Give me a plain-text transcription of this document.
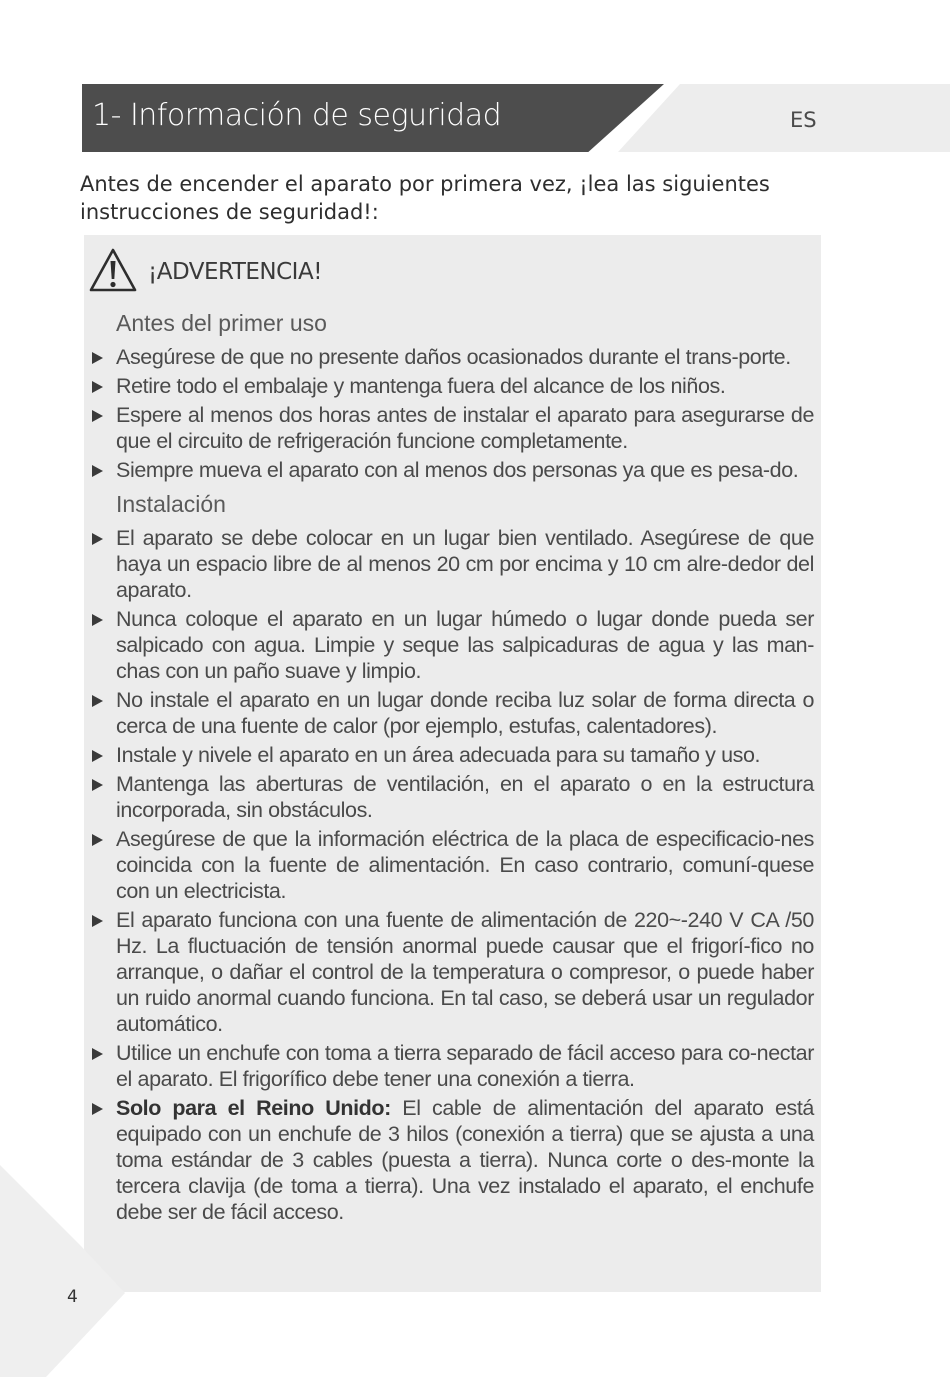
1- Información de seguridad	ES
Antes de encender el aparato por primera vez, ¡lea las siguientes instrucciones de seguridad!:
¡ADVERTENCIA!
Antes del primer uso
Asegúrese de que no presente daños ocasionados durante el trans-porte.
Retire todo el embalaje y mantenga fuera del alcance de los niños.
Espere al menos dos horas antes de instalar el aparato para asegurarse de que el circuito de refrigeración funcione completamente.
Siempre mueva el aparato con al menos dos personas ya que es pesa-do.
Instalación
El aparato se debe colocar en un lugar bien ventilado. Asegúrese de que haya un espacio libre de al menos 20 cm por encima y 10 cm alre-dedor del aparato.
Nunca coloque el aparato en un lugar húmedo o lugar donde pueda ser salpicado con agua. Limpie y seque las salpicaduras de agua y las man-chas con un paño suave y limpio.
No instale el aparato en un lugar donde reciba luz solar de forma directa o cerca de una fuente de calor (por ejemplo, estufas, calentadores).
Instale y nivele el aparato en un área adecuada para su tamaño y uso.
Mantenga las aberturas de ventilación, en el aparato o en la estructura incorporada, sin obstáculos.
Asegúrese de que la información eléctrica de la placa de especificacio-nes coincida con la fuente de alimentación. En caso contrario, comuní-quese con un electricista.
El aparato funciona con una fuente de alimentación de 220~-240 V CA /50 Hz. La fluctuación de tensión anormal puede causar que el frigorí-fico no arranque, o dañar el control de la temperatura o compresor, o puede haber un ruido anormal cuando funciona. En tal caso, se deberá usar un regulador automático.
Utilice un enchufe con toma a tierra separado de fácil acceso para co-nectar el aparato. El frigorífico debe tener una conexión a tierra.
Solo para el Reino Unido: El cable de alimentación del aparato está equipado con un enchufe de 3 hilos (conexión a tierra) que se ajusta a una toma estándar de 3 cables (puesta a tierra). Nunca corte o des-monte la tercera clavija (de toma a tierra). Una vez instalado el aparato, el enchufe debe ser de fácil acceso.
4
